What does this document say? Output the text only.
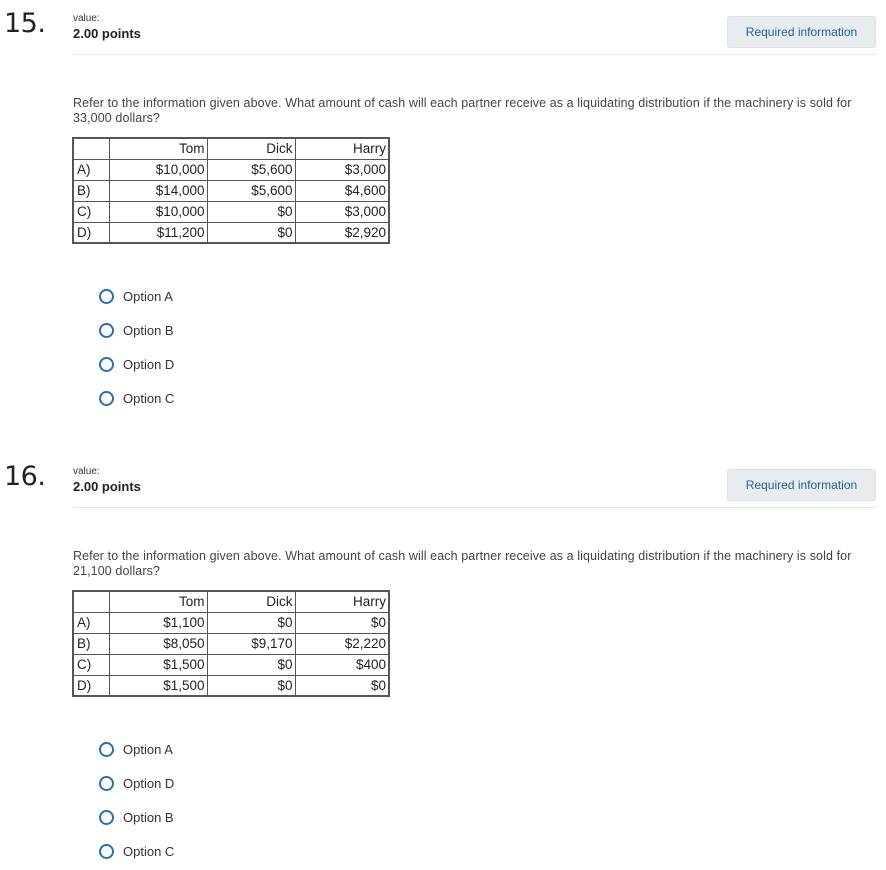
15.	value:
2.00 points	Required information
Refer to the information given above. What amount of cash will each partner receive as a liquidating distribution if the machinery is sold for 33,000 dollars?
	Tom	Dick	Harry
A)	$10,000	$5,600	$3,000
B)	$14,000	$5,600	$4,600
C)	$10,000	$0	$3,000
D)	$11,200	$0	$2,920
Option A
Option B
Option D
Option C
16.	value:
2.00 points	Required information
Refer to the information given above. What amount of cash will each partner receive as a liquidating distribution if the machinery is sold for 21,100 dollars?
	Tom	Dick	Harry
A)	$1,100	$0	$0
B)	$8,050	$9,170	$2,220
C)	$1,500	$0	$400
D)	$1,500	$0	$0
Option A
Option D
Option B
Option C
